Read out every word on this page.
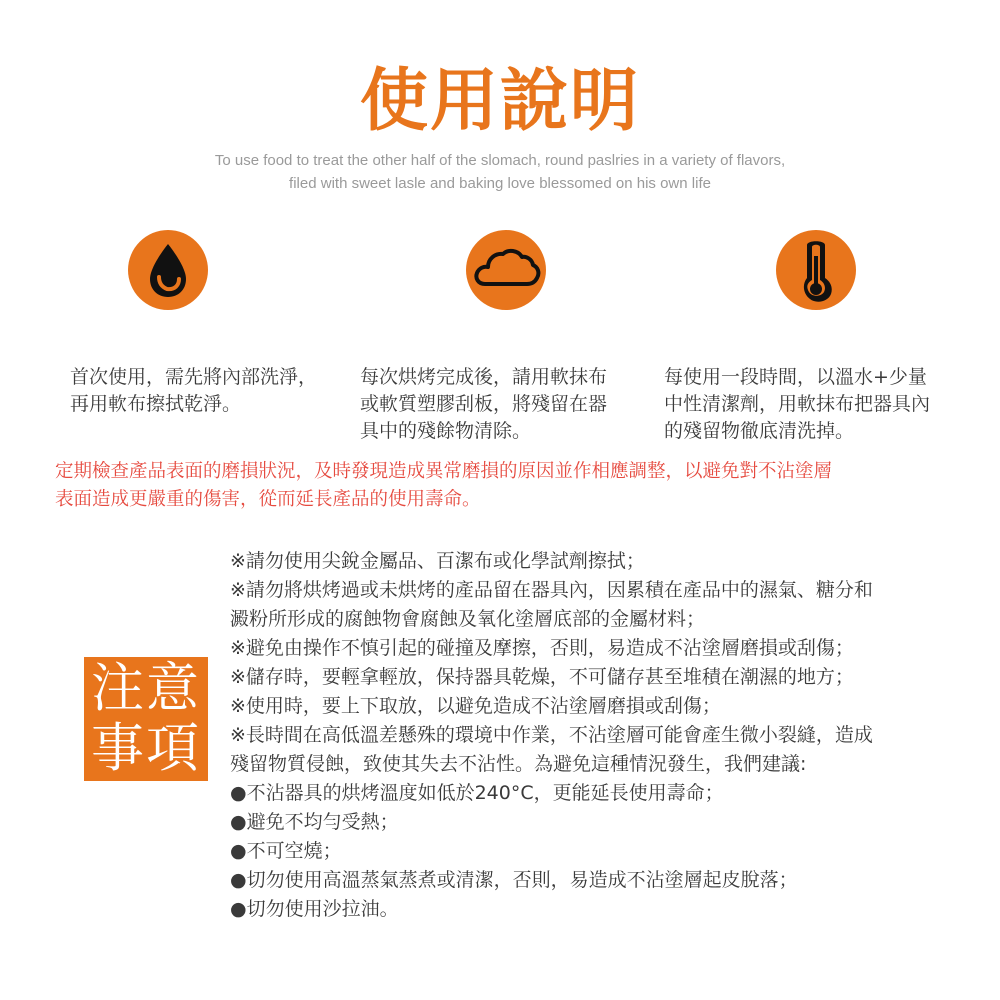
使用說明
To use food to treat the other half of the slomach, round paslries in a variety of flavors,
filed with sweet lasle and baking love blessomed on his own life
首次使用，需先將內部洗淨，
再用軟布擦拭乾淨。
每次烘烤完成後，請用軟抹布
或軟質塑膠刮板，將殘留在器
具中的殘餘物清除。
每使用一段時間，以溫水+少量
中性清潔劑，用軟抹布把器具內
的殘留物徹底清洗掉。
定期檢查產品表面的磨損狀況，及時發現造成異常磨損的原因並作相應調整，以避免對不沾塗層
表面造成更嚴重的傷害，從而延長產品的使用壽命。
注意
事項
※請勿使用尖銳金屬品、百潔布或化學試劑擦拭；
※請勿將烘烤過或未烘烤的產品留在器具內，因累積在產品中的濕氣、糖分和
澱粉所形成的腐蝕物會腐蝕及氧化塗層底部的金屬材料；
※避免由操作不慎引起的碰撞及摩擦，否則，易造成不沾塗層磨損或刮傷；
※儲存時，要輕拿輕放，保持器具乾燥，不可儲存甚至堆積在潮濕的地方；
※使用時，要上下取放，以避免造成不沾塗層磨損或刮傷；
※長時間在高低溫差懸殊的環境中作業，不沾塗層可能會產生微小裂縫，造成
殘留物質侵蝕，致使其失去不沾性。為避免這種情況發生，我們建議:
●不沾器具的烘烤溫度如低於240°C，更能延長使用壽命；
●避免不均勻受熱；
●不可空燒；
●切勿使用高溫蒸氣蒸煮或清潔，否則，易造成不沾塗層起皮脫落；
●切勿使用沙拉油。
